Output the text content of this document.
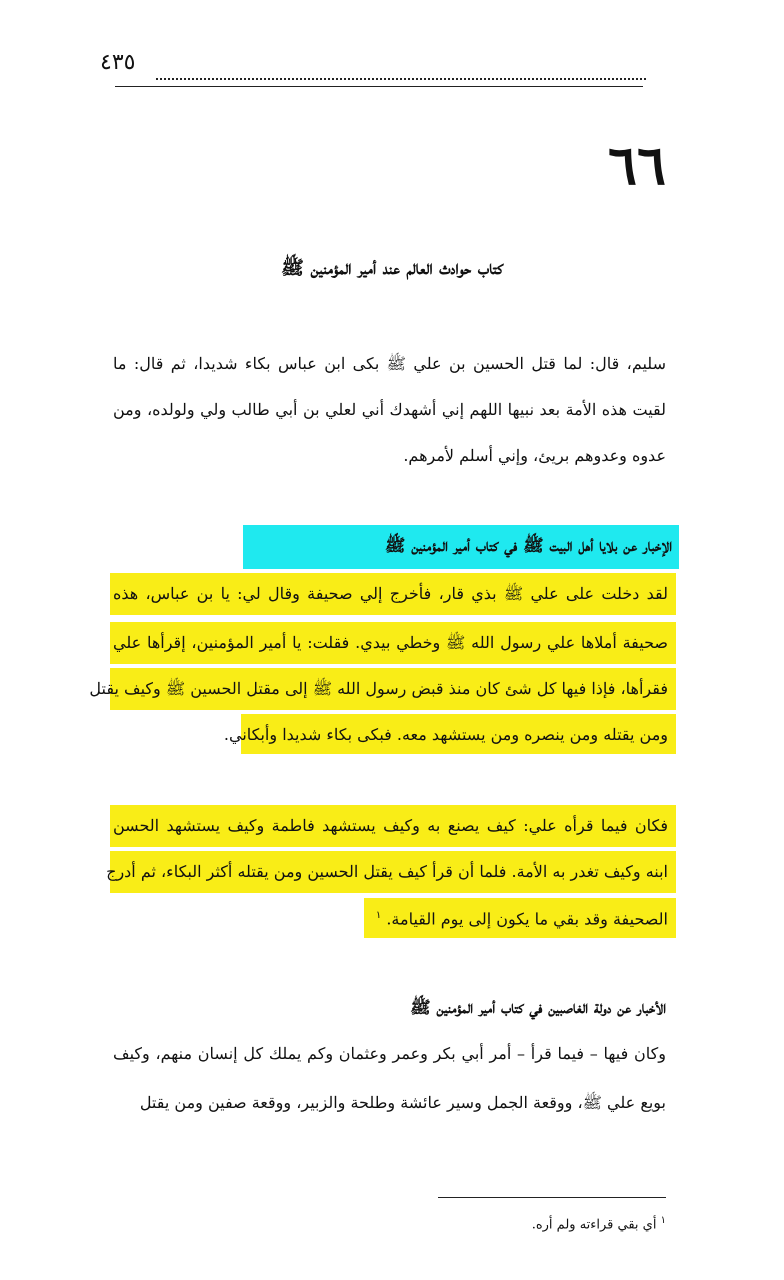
٤٣٥
٦٦
كتاب حوادث العالم عند أمير المؤمنين ﷺ
سليم، قال: لما قتل الحسين بن علي ﷺ بكى ابن عباس بكاء شديدا، ثم قال: ما
لقيت هذه الأمة بعد نبيها اللهم إني أشهدك أني لعلي بن أبي طالب ولي ولولده، ومن
عدوه وعدوهم بريئ، وإني أسلم لأمرهم.
الإخبار عن بلايا أهل البيت ﷺ في كتاب أمير المؤمنين ﷺ
لقد دخلت على علي ﷺ بذي قار، فأخرج إلي صحيفة وقال لي: يا بن عباس، هذه
صحيفة أملاها علي رسول الله ﷺ وخطي بيدي. فقلت: يا أمير المؤمنين، إقرأها علي
فقرأها، فإذا فيها كل شئ كان منذ قبض رسول الله ﷺ إلى مقتل الحسين ﷺ وكيف يقتل
ومن يقتله ومن ينصره ومن يستشهد معه. فبكى بكاء شديدا وأبكاني.
فكان فيما قرأه علي: كيف يصنع به وكيف يستشهد فاطمة وكيف يستشهد الحسن
ابنه وكيف تغدر به الأمة. فلما أن قرأ كيف يقتل الحسين ومن يقتله أكثر البكاء، ثم أدرج
الصحيفة وقد بقي ما يكون إلى يوم القيامة. $^١$
الأخبار عن دولة الغاصبين في كتاب أمير المؤمنين ﷺ
وكان فيها – فيما قرأ – أمر أبي بكر وعمر وعثمان وكم يملك كل إنسان منهم، وكيف
بويع علي ﷺ، ووقعة الجمل وسير عائشة وطلحة والزبير، ووقعة صفين ومن يقتل
$^١$ أي بقي قراءته ولم أره.
